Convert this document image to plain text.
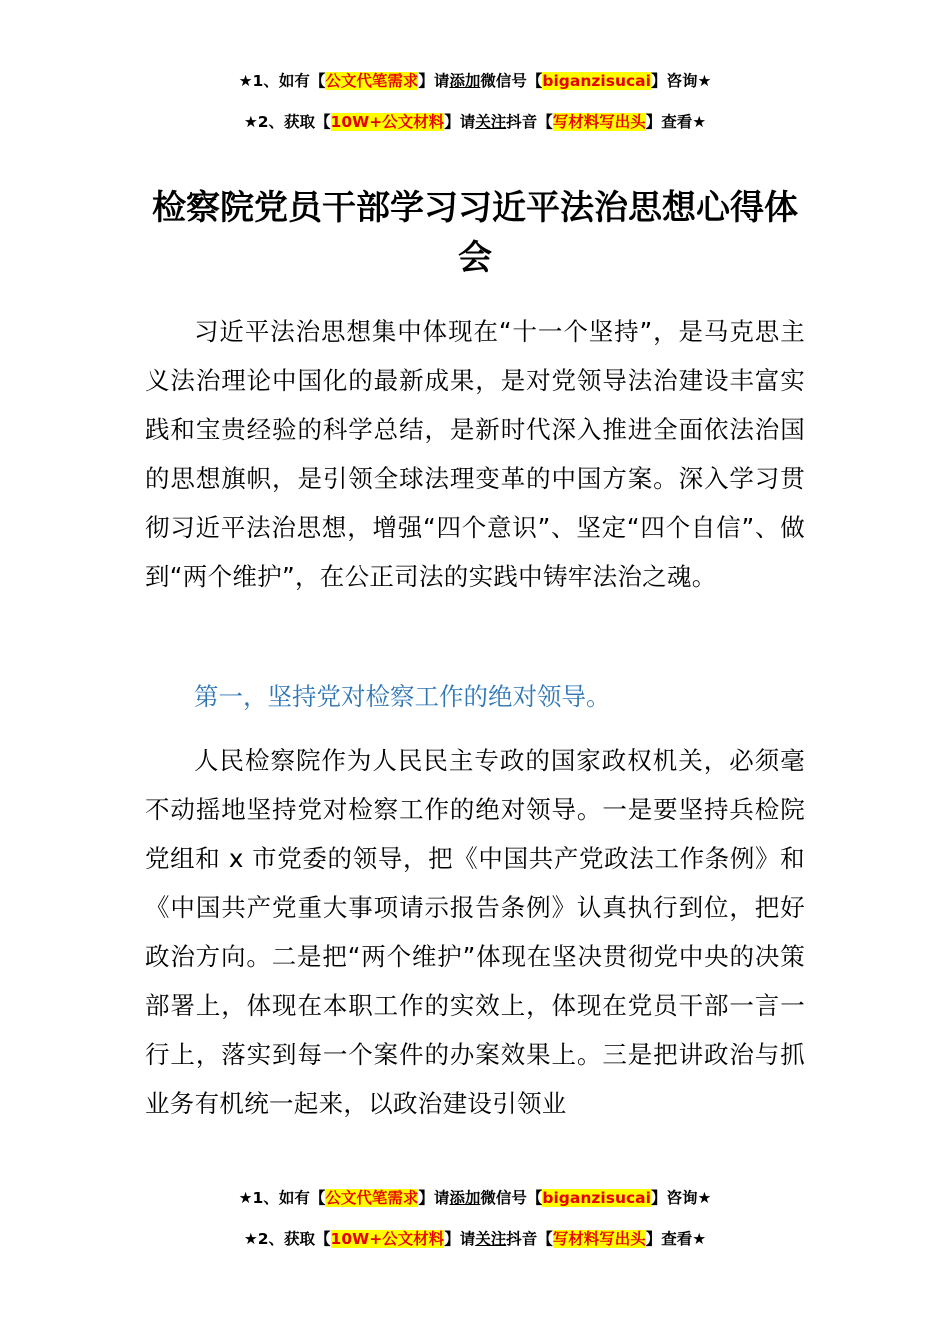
★1、如有【公文代笔需求】请添加微信号【biganzisucai】咨询★
★2、获取【10W+公文材料】请关注抖音【写材料写出头】查看★
检察院党员干部学习习近平法治思想心得体会

习近平法治思想集中体现在“十一个坚持”，是马克思主义法治理论中国化的最新成果，是对党领导法治建设丰富实践和宝贵经验的科学总结，是新时代深入推进全面依法治国的思想旗帜，是引领全球法理变革的中国方案。深入学习贯彻习近平法治思想，增强“四个意识”、坚定“四个自信”、做到“两个维护”，在公正司法的实践中铸牢法治之魂。

第一，坚持党对检察工作的绝对领导。

人民检察院作为人民民主专政的国家政权机关，必须毫不动摇地坚持党对检察工作的绝对领导。一是要坚持兵检院党组和 x 市党委的领导，把《中国共产党政法工作条例》和《中国共产党重大事项请示报告条例》认真执行到位，把好政治方向。二是把“两个维护”体现在坚决贯彻党中央的决策部署上，体现在本职工作的实效上，体现在党员干部一言一行上，落实到每一个案件的办案效果上。三是把讲政治与抓业务有机统一起来，以政治建设引领业

★1、如有【公文代笔需求】请添加微信号【biganzisucai】咨询★
★2、获取【10W+公文材料】请关注抖音【写材料写出头】查看★
